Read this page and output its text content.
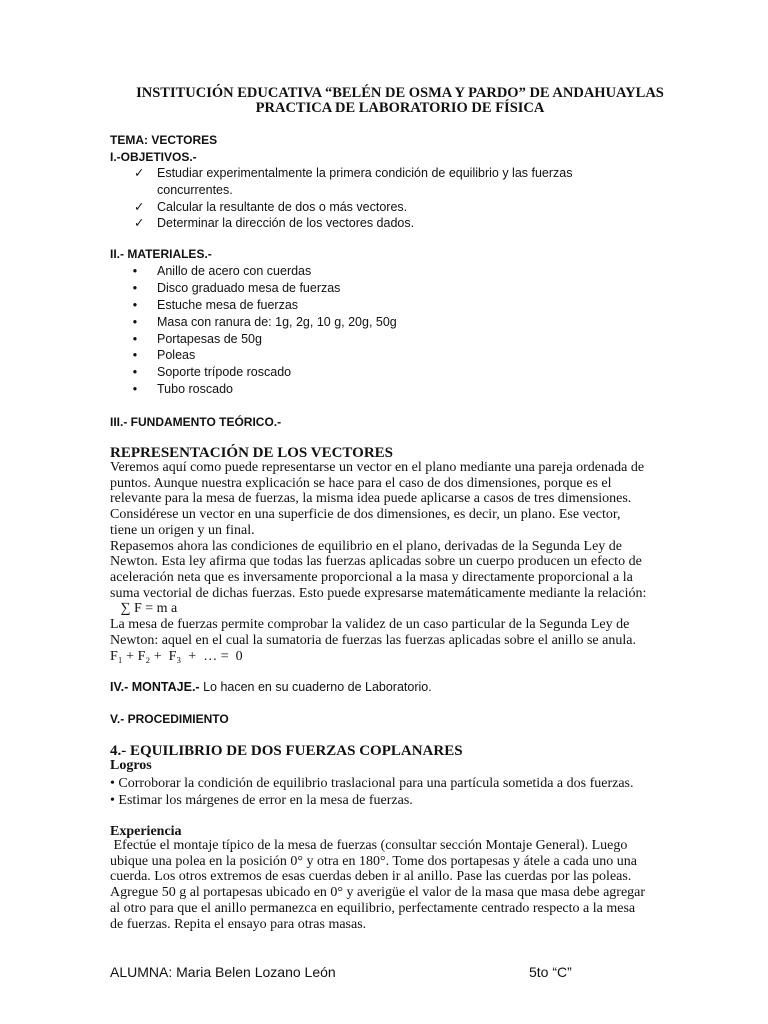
INSTITUCIÓN EDUCATIVA “BELÉN DE OSMA Y PARDO” DE ANDAHUAYLAS
PRACTICA DE LABORATORIO DE FÍSICA
TEMA: VECTORES
I.-OBJETIVOS.-
✓ Estudiar experimentalmente la primera condición de equilibrio y las fuerzas concurrentes.
✓ Calcular la resultante de dos o más vectores.
✓ Determinar la dirección de los vectores dados.
II.- MATERIALES.-
• Anillo de acero con cuerdas
• Disco graduado mesa de fuerzas
• Estuche mesa de fuerzas
• Masa con ranura de: 1g, 2g, 10 g, 20g, 50g
• Portapesas de 50g
• Poleas
• Soporte trípode roscado
• Tubo roscado
III.- FUNDAMENTO TEÓRICO.-
REPRESENTACIÓN DE LOS VECTORES
Veremos aquí como puede representarse un vector en el plano mediante una pareja ordenada de
puntos. Aunque nuestra explicación se hace para el caso de dos dimensiones, porque es el
relevante para la mesa de fuerzas, la misma idea puede aplicarse a casos de tres dimensiones.
Considérese un vector en una superficie de dos dimensiones, es decir, un plano. Ese vector,
tiene un origen y un final.
Repasemos ahora las condiciones de equilibrio en el plano, derivadas de la Segunda Ley de
Newton. Esta ley afirma que todas las fuerzas aplicadas sobre un cuerpo producen un efecto de
aceleración neta que es inversamente proporcional a la masa y directamente proporcional a la
suma vectorial de dichas fuerzas. Esto puede expresarse matemáticamente mediante la relación:
∑ F = m a
La mesa de fuerzas permite comprobar la validez de un caso particular de la Segunda Ley de
Newton: aquel en el cual la sumatoria de fuerzas las fuerzas aplicadas sobre el anillo se anula.
F₁ + F₂ +  F₃  +  … =  0
IV.- MONTAJE.- Lo hacen en su cuaderno de Laboratorio.
V.- PROCEDIMIENTO
4.- EQUILIBRIO DE DOS FUERZAS COPLANARES
Logros
• Corroborar la condición de equilibrio traslacional para una partícula sometida a dos fuerzas.
• Estimar los márgenes de error en la mesa de fuerzas.
Experiencia
Efectúe el montaje típico de la mesa de fuerzas (consultar sección Montaje General). Luego
ubique una polea en la posición 0° y otra en 180°. Tome dos portapesas y átele a cada uno una
cuerda. Los otros extremos de esas cuerdas deben ir al anillo. Pase las cuerdas por las poleas.
Agregue 50 g al portapesas ubicado en 0° y averigüe el valor de la masa que masa debe agregar
al otro para que el anillo permanezca en equilibrio, perfectamente centrado respecto a la mesa
de fuerzas. Repita el ensayo para otras masas.
ALUMNA: Maria Belen Lozano León	5to “C”
